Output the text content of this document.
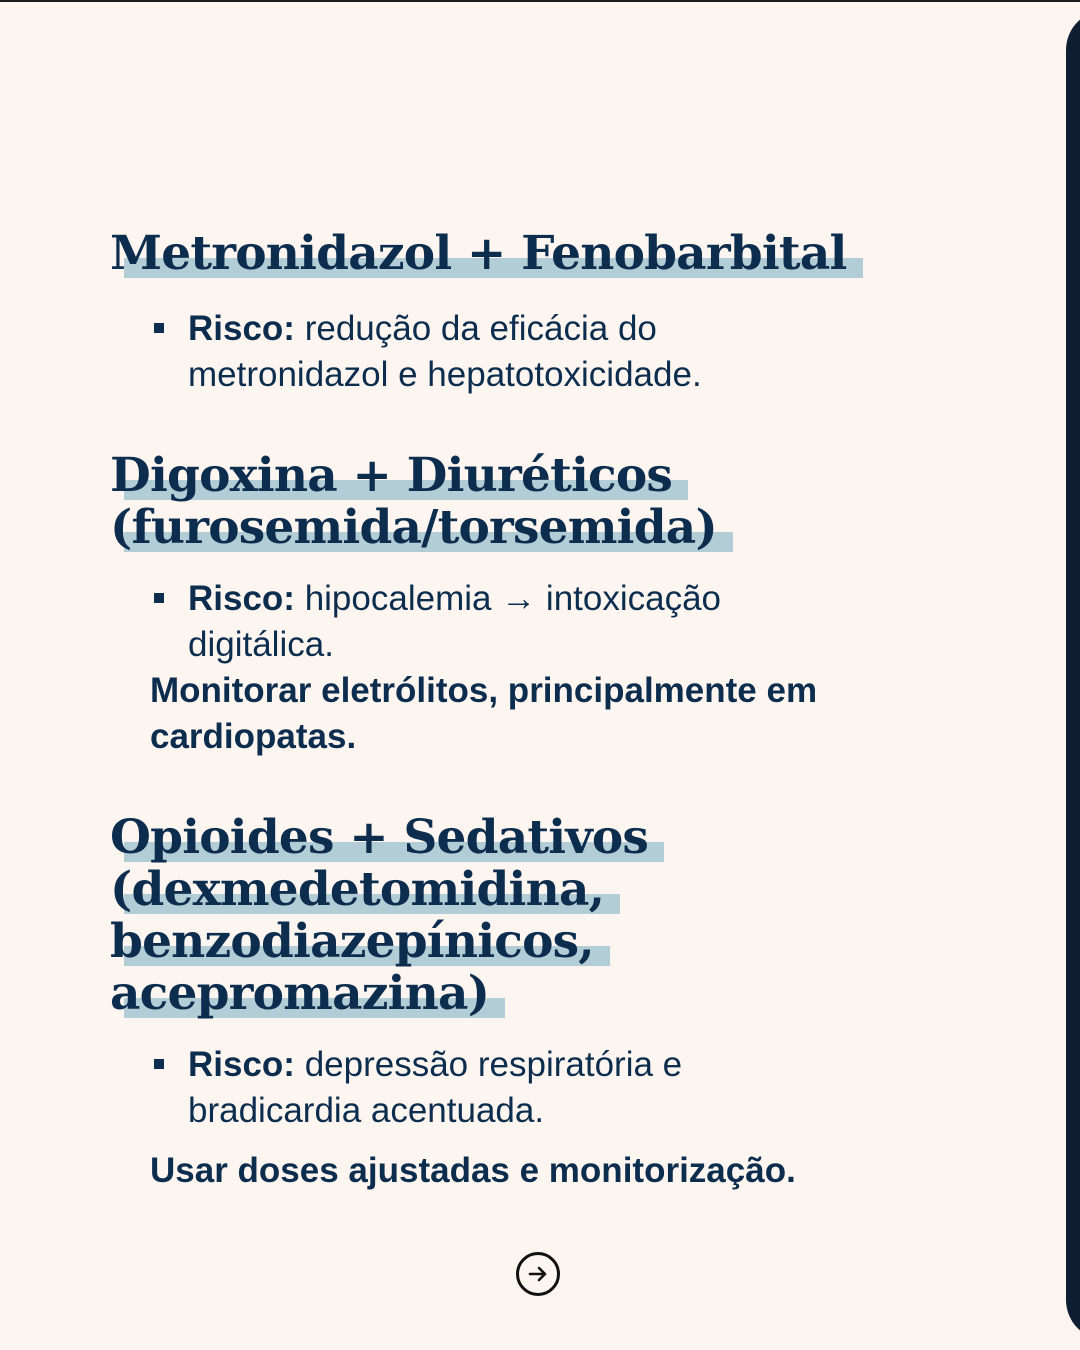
Metronidazol + Fenobarbital
Risco: redução da eficácia do metronidazol e hepatotoxicidade.
Digoxina + Diuréticos (furosemida/torsemida)
Risco: hipocalemia → intoxicação digitálica.

Monitorar eletrólitos, principalmente em cardiopatas.

Opioides + Sedativos (dexmedetomidina, benzodiazepínicos, acepromazina)
Risco: depressão respiratória e bradicardia acentuada.

Usar doses ajustadas e monitorização.
